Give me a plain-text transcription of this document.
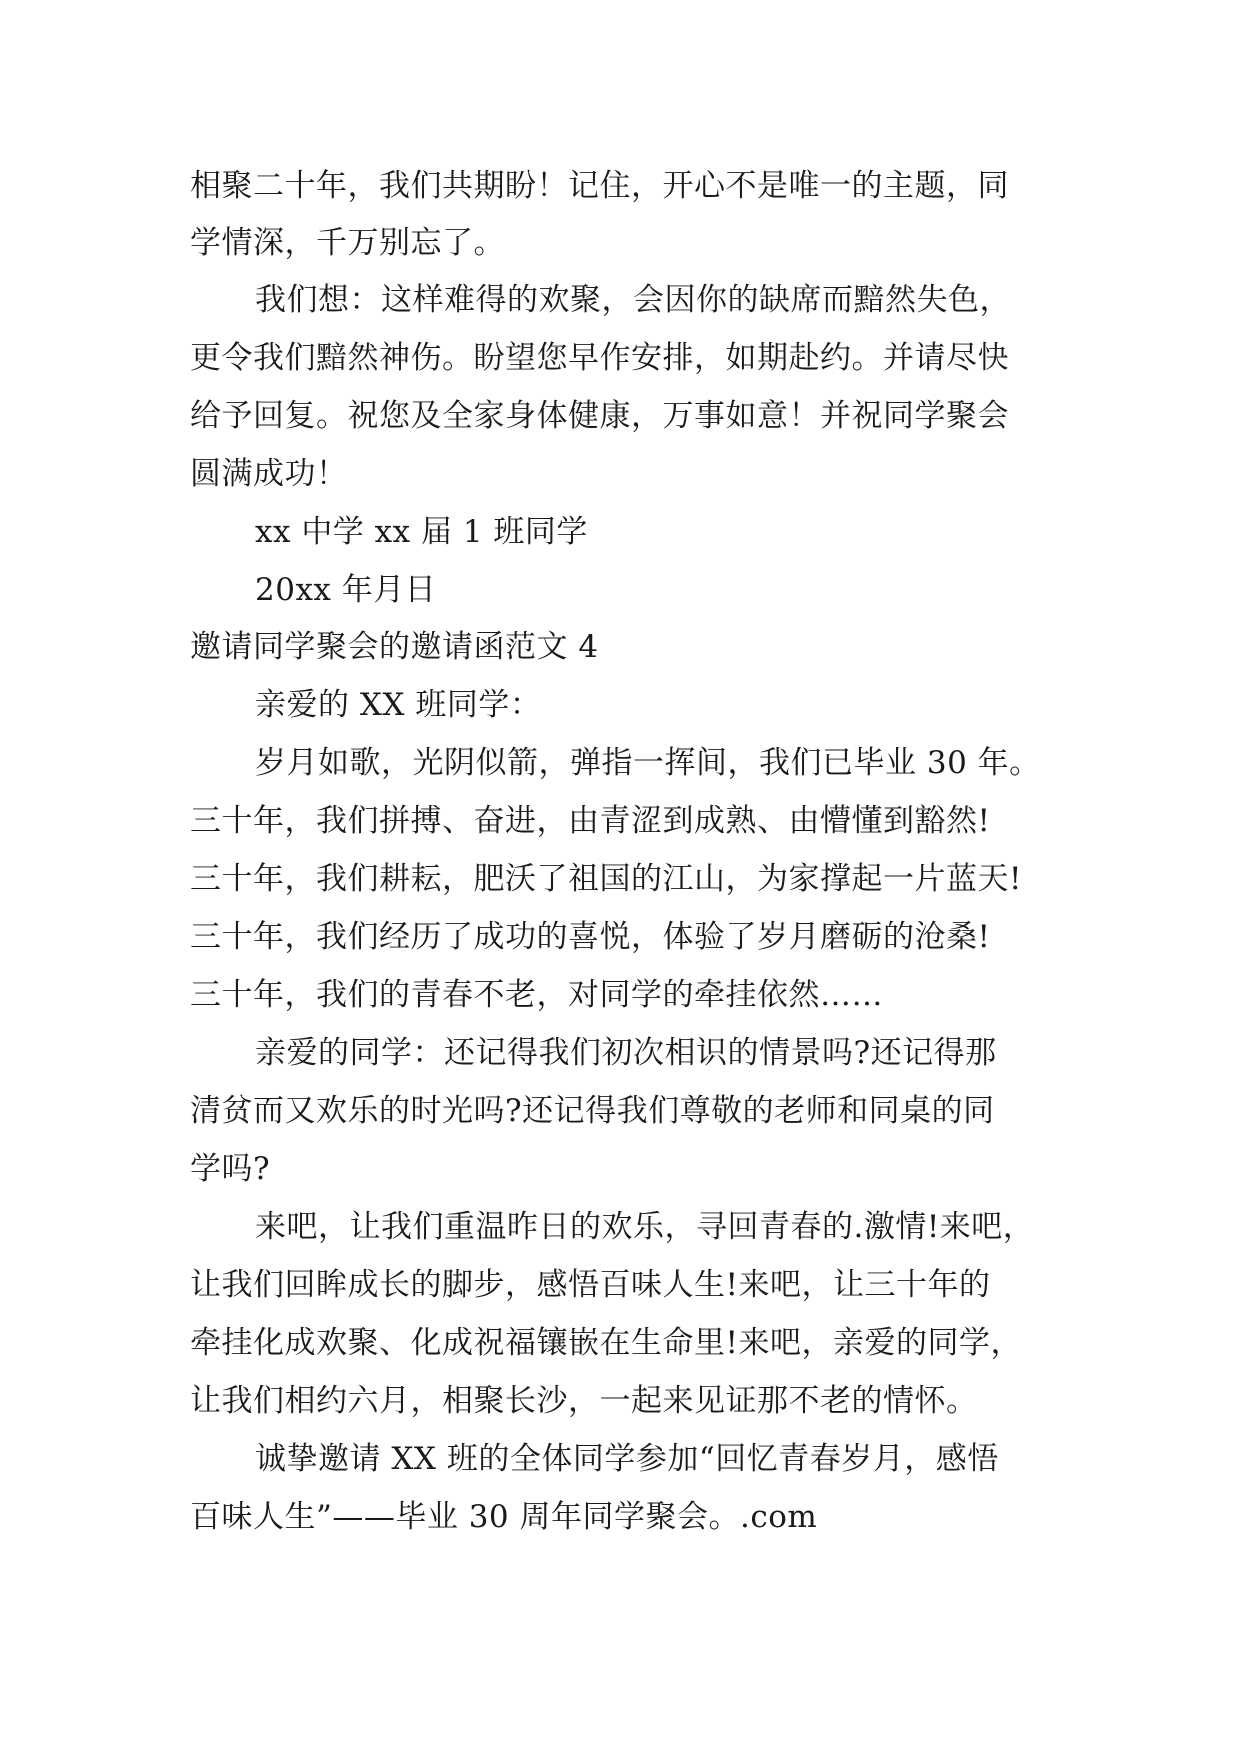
相聚二十年，我们共期盼！记住，开心不是唯一的主题，同
学情深，千万别忘了。
我们想：这样难得的欢聚，会因你的缺席而黯然失色，
更令我们黯然神伤。盼望您早作安排，如期赴约。并请尽快
给予回复。祝您及全家身体健康，万事如意！并祝同学聚会
圆满成功！
xx 中学 xx 届 1 班同学
20xx 年月日
邀请同学聚会的邀请函范文 4
亲爱的 XX 班同学：
岁月如歌，光阴似箭，弹指一挥间，我们已毕业 30 年。
三十年，我们拼搏、奋进，由青涩到成熟、由懵懂到豁然!
三十年，我们耕耘，肥沃了祖国的江山，为家撑起一片蓝天!
三十年，我们经历了成功的喜悦，体验了岁月磨砺的沧桑!
三十年，我们的青春不老，对同学的牵挂依然……
亲爱的同学：还记得我们初次相识的情景吗?还记得那
清贫而又欢乐的时光吗?还记得我们尊敬的老师和同桌的同
学吗?
来吧，让我们重温昨日的欢乐，寻回青春的.激情!来吧，
让我们回眸成长的脚步，感悟百味人生!来吧，让三十年的
牵挂化成欢聚、化成祝福镶嵌在生命里!来吧，亲爱的同学，
让我们相约六月，相聚长沙，一起来见证那不老的情怀。
诚挚邀请 XX 班的全体同学参加“回忆青春岁月，感悟
百味人生”——毕业 30 周年同学聚会。.com
